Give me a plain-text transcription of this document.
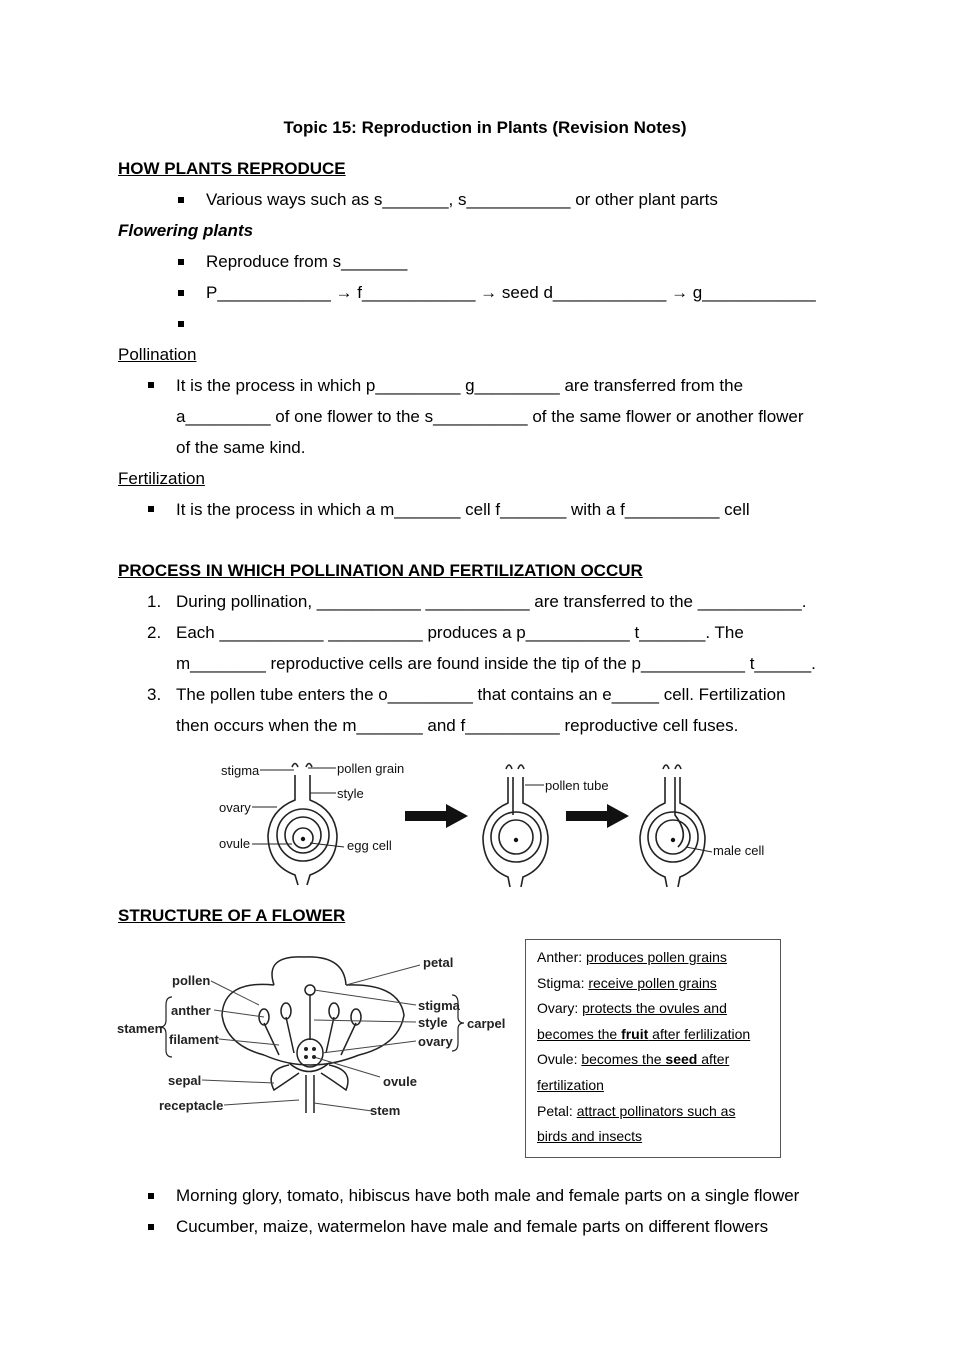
Topic 15: Reproduction in Plants (Revision Notes)
HOW PLANTS REPRODUCE
Various ways such as s_______, s___________ or other plant parts
Flowering plants
Reproduce from s_______
P____________ → f____________ → seed d____________ → g____________
Pollination
It is the process in which p_________ g_________ are transferred from the
a_________ of one flower to the s__________ of the same flower or another flower
of the same kind.
Fertilization
It is the process in which a m_______ cell f_______ with a f__________ cell
PROCESS IN WHICH POLLINATION AND FERTILIZATION OCCUR
1. During pollination, ___________ ___________ are transferred to the ___________.
2. Each ___________ __________ produces a p___________ t_______. The
m________ reproductive cells are found inside the tip of the p___________ t______.
3. The pollen tube enters the o_________ that contains an e_____ cell. Fertilization
then occurs when the m_______ and f__________ reproductive cell fuses.
stigma	pollen grain
style
ovary
ovule	egg cell
pollen tube
male cell
STRUCTURE OF A FLOWER
petal
pollen
anther
stamen
filament
stigma
style
ovary
carpel
sepal
receptacle
ovule
stem
Anther: produces pollen grains
Stigma: receive pollen grains
Ovary: protects the ovules and
becomes the fruit after ferlilization
Ovule: becomes the seed after
fertilization
Petal: attract pollinators such as
birds and insects
Morning glory, tomato, hibiscus have both male and female parts on a single flower
Cucumber, maize, watermelon have male and female parts on different flowers
